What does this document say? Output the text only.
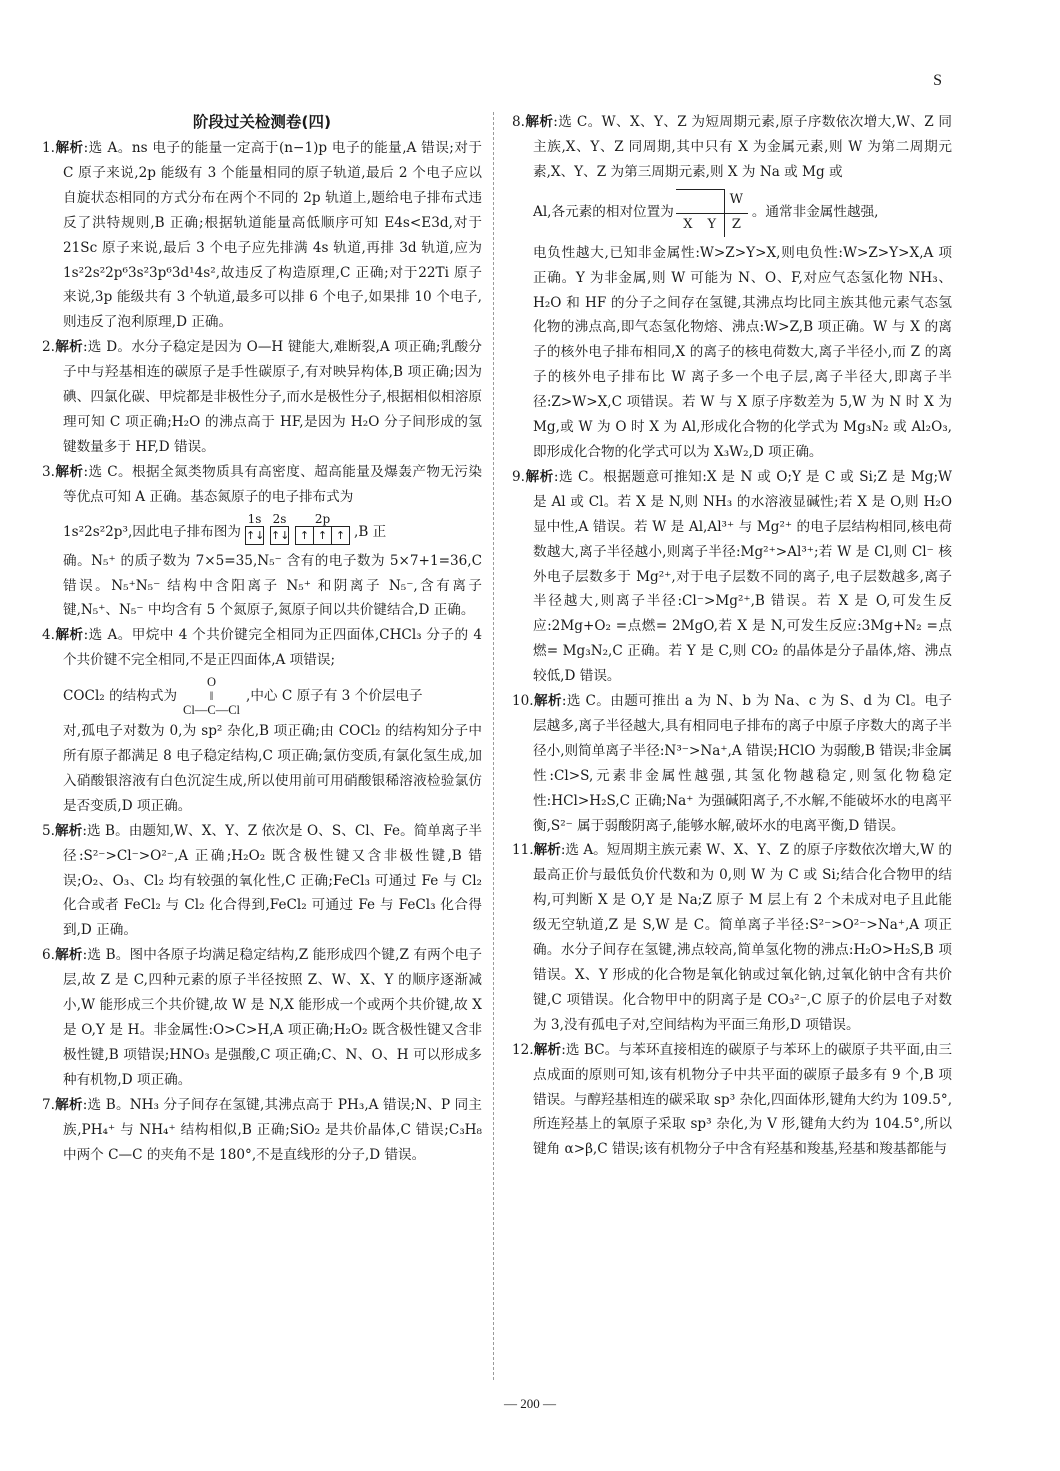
S
阶段过关检测卷(四)

1.解析:选 A。ns 电子的能量一定高于(n−1)p 电子的能量,A 错误;对于 C 原子来说,2p 能级有 3 个能量相同的原子轨道,最后 2 个电子应以自旋状态相同的方式分布在两个不同的 2p 轨道上,题给电子排布式违反了洪特规则,B 正确;根据轨道能量高低顺序可知 E4s<E3d,对于21Sc 原子来说,最后 3 个电子应先排满 4s 轨道,再排 3d 轨道,应为 1s²2s²2p⁶3s²3p⁶3d¹4s²,故违反了构造原理,C 正确;对于22Ti 原子来说,3p 能级共有 3 个轨道,最多可以排 6 个电子,如果排 10 个电子,则违反了泡利原理,D 正确。

2.解析:选 D。水分子稳定是因为 O—H 键能大,难断裂,A 项正确;乳酸分子中与羟基相连的碳原子是手性碳原子,有对映异构体,B 项正确;因为碘、四氯化碳、甲烷都是非极性分子,而水是极性分子,根据相似相溶原理可知 C 项正确;H₂O 的沸点高于 HF,是因为 H₂O 分子间形成的氢键数量多于 HF,D 错误。

3.解析:选 C。根据全氮类物质具有高密度、超高能量及爆轰产物无污染等优点可知 A 正确。基态氮原子的电子排布式为
1s²2s²2p³,因此电子排布图为
1s
↑↓
2s
↑↓
2p
↑ ↑ ↑ ,B 正
确。N₅⁺ 的质子数为 7×5=35,N₅⁻ 含有的电子数为 5×7+1=36,C 错误。N₅⁺N₅⁻ 结构中含阳离子 N₅⁺ 和阴离子 N₅⁻,含有离子键,N₅⁺、N₅⁻ 中均含有 5 个氮原子,氮原子间以共价键结合,D 正确。
4.解析:选 A。甲烷中 4 个共价键完全相同为正四面体,CHCl₃ 分子的 4 个共价键不完全相同,不是正四面体,A 项错误;
COCl₂ 的结构式为
O
‖
Cl—C—Cl
,中心 C 原子有 3 个价层电子
对,孤电子对数为 0,为 sp² 杂化,B 项正确;由 COCl₂ 的结构知分子中所有原子都满足 8 电子稳定结构,C 项正确;氯仿变质,有氯化氢生成,加入硝酸银溶液有白色沉淀生成,所以使用前可用硝酸银稀溶液检验氯仿是否变质,D 项正确。

5.解析:选 B。由题知,W、X、Y、Z 依次是 O、S、Cl、Fe。简单离子半径:S²⁻>Cl⁻>O²⁻,A 正确;H₂O₂ 既含极性键又含非极性键,B 错误;O₂、O₃、Cl₂ 均有较强的氧化性,C 正确;FeCl₃ 可通过 Fe 与 Cl₂ 化合或者 FeCl₂ 与 Cl₂ 化合得到,FeCl₂ 可通过 Fe 与 FeCl₃ 化合得到,D 正确。

6.解析:选 B。图中各原子均满足稳定结构,Z 能形成四个键,Z 有两个电子层,故 Z 是 C,四种元素的原子半径按照 Z、W、X、Y 的顺序逐渐减小,W 能形成三个共价键,故 W 是 N,X 能形成一个或两个共价键,故 X 是 O,Y 是 H。非金属性:O>C>H,A 项正确;H₂O₂ 既含极性键又含非极性键,B 项错误;HNO₃ 是强酸,C 项正确;C、N、O、H 可以形成多种有机物,D 项正确。

7.解析:选 B。NH₃ 分子间存在氢键,其沸点高于 PH₃,A 错误;N、P 同主族,PH₄⁺ 与 NH₄⁺ 结构相似,B 正确;SiO₂ 是共价晶体,C 错误;C₃H₈ 中两个 C—C 的夹角不是 180°,不是直线形的分子,D 错误。

8.解析:选 C。W、X、Y、Z 为短周期元素,原子序数依次增大,W、Z 同主族,X、Y、Z 同周期,其中只有 X 为金属元素,则 W 为第二周期元素,X、Y、Z 为第三周期元素,则 X 为 Na 或 Mg 或
Al,各元素的相对位置为
W
X	Y	Z
。通常非金属性越强,
电负性越大,已知非金属性:W>Z>Y>X,则电负性:W>Z>Y>X,A 项正确。Y 为非金属,则 W 可能为 N、O、F,对应气态氢化物 NH₃、H₂O 和 HF 的分子之间存在氢键,其沸点均比同主族其他元素气态氢化物的沸点高,即气态氢化物熔、沸点:W>Z,B 项正确。W 与 X 的离子的核外电子排布相同,X 的离子的核电荷数大,离子半径小,而 Z 的离子的核外电子排布比 W 离子多一个电子层,离子半径大,即离子半径:Z>W>X,C 项错误。若 W 与 X 原子序数差为 5,W 为 N 时 X 为 Mg,或 W 为 O 时 X 为 Al,形成化合物的化学式为 Mg₃N₂ 或 Al₂O₃,即形成化合物的化学式可以为 X₃W₂,D 项正确。

9.解析:选 C。根据题意可推知:X 是 N 或 O;Y 是 C 或 Si;Z 是 Mg;W 是 Al 或 Cl。若 X 是 N,则 NH₃ 的水溶液显碱性;若 X 是 O,则 H₂O 显中性,A 错误。若 W 是 Al,Al³⁺ 与 Mg²⁺ 的电子层结构相同,核电荷数越大,离子半径越小,则离子半径:Mg²⁺>Al³⁺;若 W 是 Cl,则 Cl⁻ 核外电子层数多于 Mg²⁺,对于电子层数不同的离子,电子层数越多,离子半径越大,则离子半径:Cl⁻>Mg²⁺,B 错误。若 X 是 O,可发生反应:2Mg+O₂ =点燃= 2MgO,若 X 是 N,可发生反应:3Mg+N₂ =点燃= Mg₃N₂,C 正确。若 Y 是 C,则 CO₂ 的晶体是分子晶体,熔、沸点较低,D 错误。

10.解析:选 C。由题可推出 a 为 N、b 为 Na、c 为 S、d 为 Cl。电子层越多,离子半径越大,具有相同电子排布的离子中原子序数大的离子半径小,则简单离子半径:N³⁻>Na⁺,A 错误;HClO 为弱酸,B 错误;非金属性:Cl>S,元素非金属性越强,其氢化物越稳定,则氢化物稳定性:HCl>H₂S,C 正确;Na⁺ 为强碱阳离子,不水解,不能破坏水的电离平衡,S²⁻ 属于弱酸阴离子,能够水解,破坏水的电离平衡,D 错误。

11.解析:选 A。短周期主族元素 W、X、Y、Z 的原子序数依次增大,W 的最高正价与最低负价代数和为 0,则 W 为 C 或 Si;结合化合物甲的结构,可判断 X 是 O,Y 是 Na;Z 原子 M 层上有 2 个未成对电子且此能级无空轨道,Z 是 S,W 是 C。简单离子半径:S²⁻>O²⁻>Na⁺,A 项正确。水分子间存在氢键,沸点较高,简单氢化物的沸点:H₂O>H₂S,B 项错误。X、Y 形成的化合物是氧化钠或过氧化钠,过氧化钠中含有共价键,C 项错误。化合物甲中的阴离子是 CO₃²⁻,C 原子的价层电子对数为 3,没有孤电子对,空间结构为平面三角形,D 项错误。

12.解析:选 BC。与苯环直接相连的碳原子与苯环上的碳原子共平面,由三点成面的原则可知,该有机物分子中共平面的碳原子最多有 9 个,B 项错误。与醇羟基相连的碳采取 sp³ 杂化,四面体形,键角大约为 109.5°,所连羟基上的氧原子采取 sp³ 杂化,为 V 形,键角大约为 104.5°,所以键角 α>β,C 错误;该有机物分子中含有羟基和羧基,羟基和羧基都能与

— 200 —
